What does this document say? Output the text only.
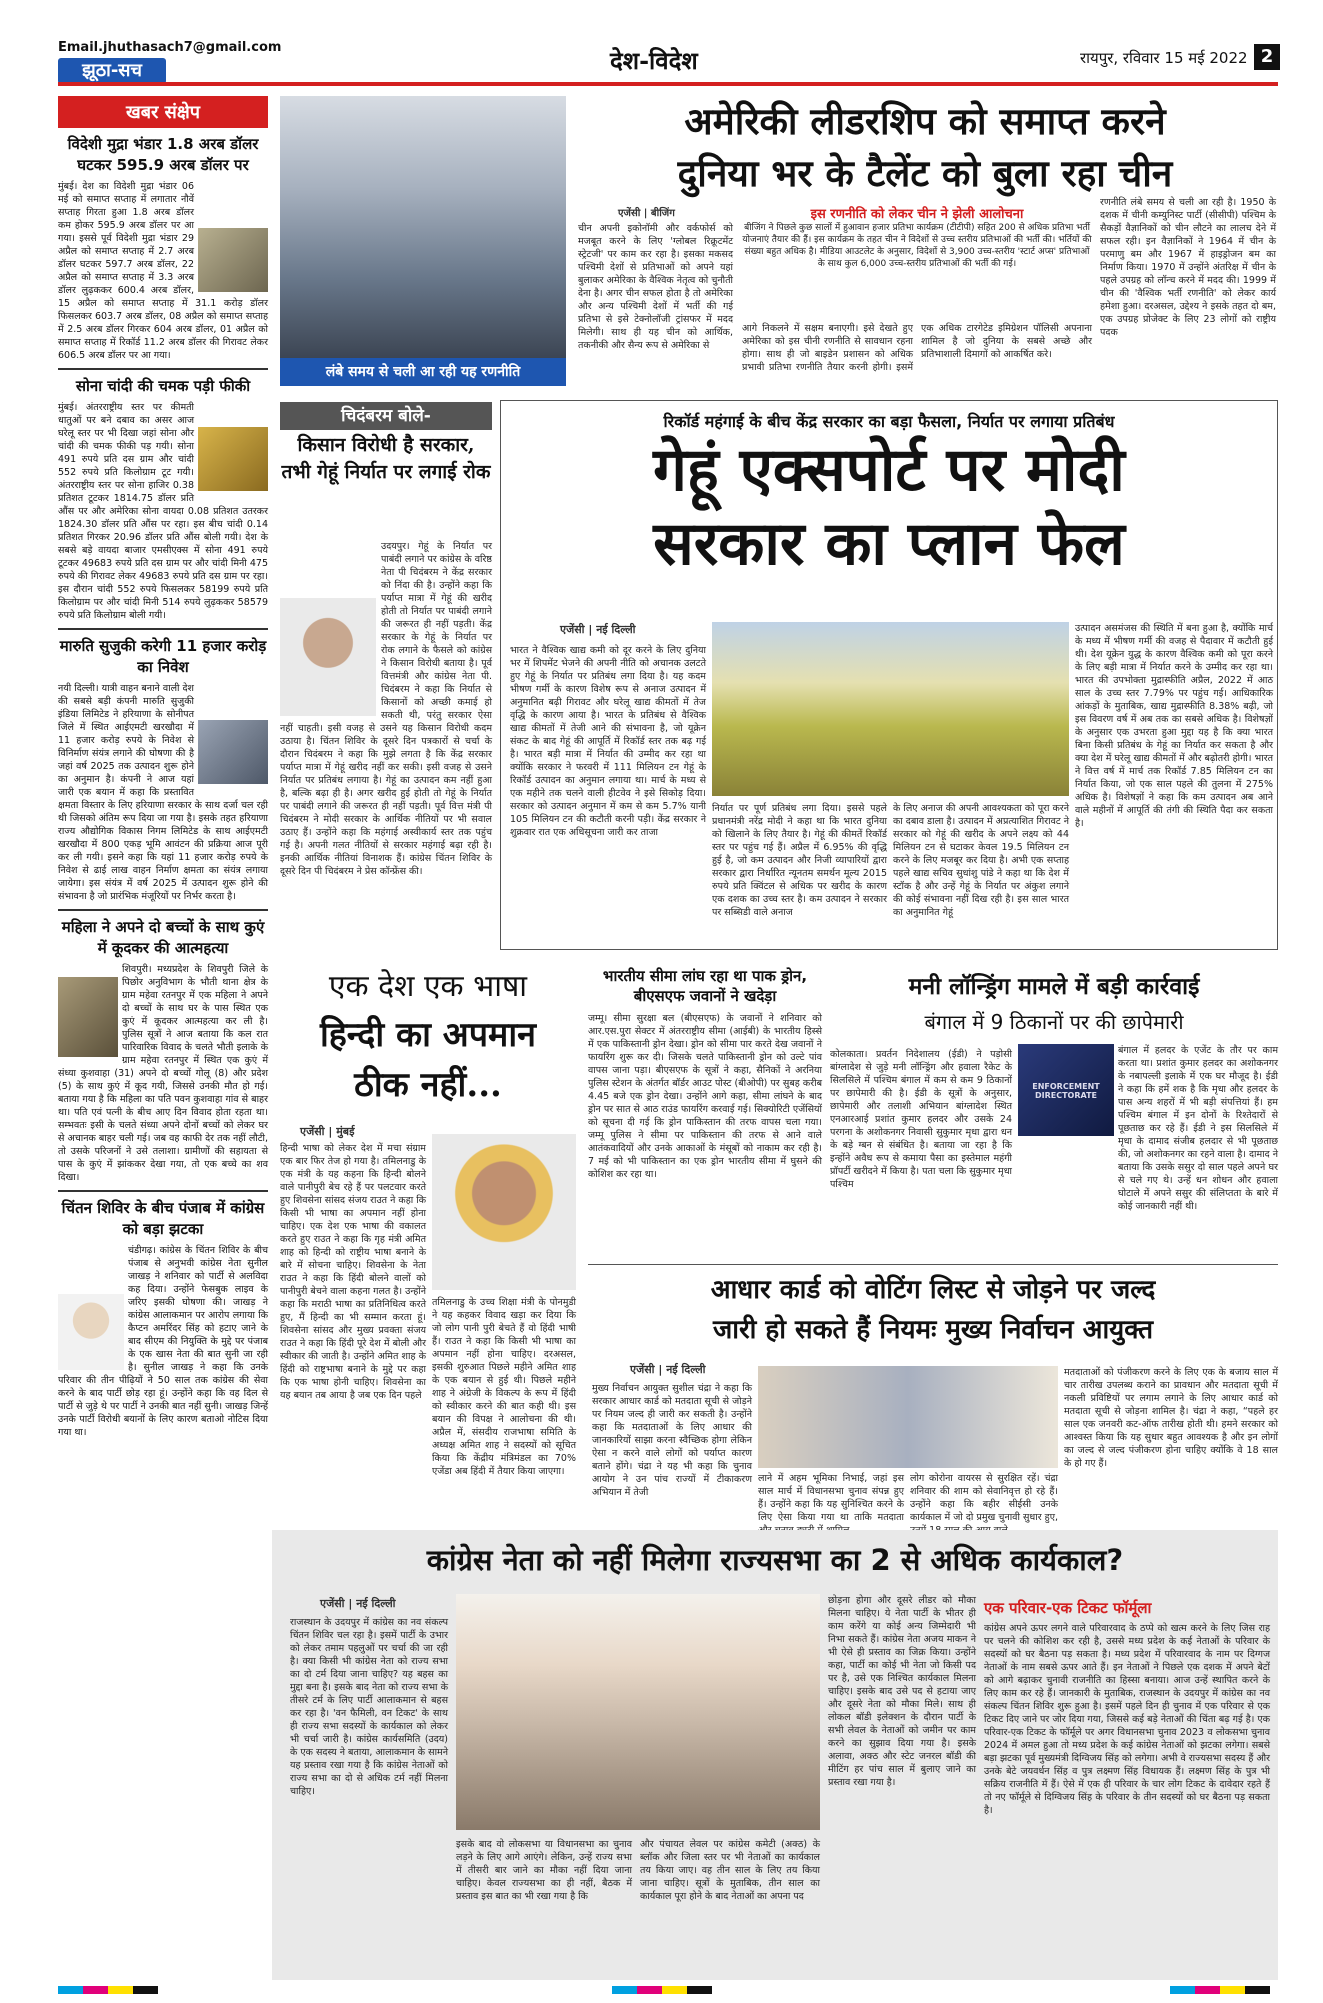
Email.jhuthasach7@gmail.com
झूठा-सच	देश-विदेश	रायपुर, रविवार 15 मई 2022 2
खबर संक्षेप
विदेशी मुद्रा भंडार 1.8 अरब डॉलर घटकर 595.9 अरब डॉलर पर

मुंबई। देश का विदेशी मुद्रा भंडार 06 मई को समाप्त सप्ताह में लगातार नौवें सप्ताह गिरता हुआ 1.8 अरब डॉलर कम होकर 595.9 अरब डॉलर पर आ गया। इससे पूर्व विदेशी मुद्रा भंडार 29 अप्रैल को समाप्त सप्ताह में 2.7 अरब डॉलर घटकर 597.7 अरब डॉलर, 22 अप्रैल को समाप्त सप्ताह में 3.3 अरब डॉलर लुढ़ककर 600.4 अरब डॉलर, 15 अप्रैल को समाप्त सप्ताह में 31.1 करोड़ डॉलर फिसलकर 603.7 अरब डॉलर, 08 अप्रैल को समाप्त सप्ताह में 2.5 अरब डॉलर गिरकर 604 अरब डॉलर, 01 अप्रैल को समाप्त सप्ताह में रिकॉर्ड 11.2 अरब डॉलर की गिरावट लेकर 606.5 अरब डॉलर पर आ गया।

सोना चांदी की चमक पड़ी फीकी

मुंबई। अंतरराष्ट्रीय स्तर पर कीमती धातुओं पर बने दबाव का असर आज घरेलू स्तर पर भी दिखा जहां सोना और चांदी की चमक फीकी पड़ गयी। सोना 491 रुपये प्रति दस ग्राम और चांदी 552 रुपये प्रति किलोग्राम टूट गयी। अंतरराष्ट्रीय स्तर पर सोना हाजिर 0.38 प्रतिशत टूटकर 1814.75 डॉलर प्रति औंस पर और अमेरिका सोना वायदा 0.08 प्रतिशत उतरकर 1824.30 डॉलर प्रति औंस पर रहा। इस बीच चांदी 0.14 प्रतिशत गिरकर 20.96 डॉलर प्रति औंस बोली गयी। देश के सबसे बड़े वायदा बाजार एमसीएक्स में सोना 491 रुपये टूटकर 49683 रुपये प्रति दस ग्राम पर और चांदी मिनी 475 रुपये की गिरावट लेकर 49683 रुपये प्रति दस ग्राम पर रहा। इस दौरान चांदी 552 रुपये फिसलकर 58199 रुपये प्रति किलोग्राम पर और चांदी मिनी 514 रुपये लुढ़ककर 58579 रुपये प्रति किलोग्राम बोली गयी।

मारुति सुजुकी करेगी 11 हजार करोड़ का निवेश

नयी दिल्ली। यात्री वाहन बनाने वाली देश की सबसे बड़ी कंपनी मारुति सुजुकी इंडिया लिमिटेड ने हरियाणा के सोनीपत जिले में स्थित आईएमटी खरखौदा में 11 हजार करोड़ रुपये के निवेश से विनिर्माण संयंत्र लगाने की घोषणा की है जहां वर्ष 2025 तक उत्पादन शुरू होने का अनुमान है। कंपनी ने आज यहां जारी एक बयान में कहा कि प्रस्तावित क्षमता विस्तार के लिए हरियाणा सरकार के साथ दर्जा चल रही थी जिसको अंतिम रूप दिया जा गया है। इसके तहत हरियाणा राज्य औद्योगिक विकास निगम लिमिटेड के साथ आईएमटी खरखौदा में 800 एकड़ भूमि आवंटन की प्रक्रिया आज पूरी कर ली गयी। इसने कहा कि यहां 11 हजार करोड़ रुपये के निवेश से ढाई लाख वाहन निर्माण क्षमता का संयंत्र लगाया जायेगा। इस संयंत्र में वर्ष 2025 में उत्पादन शुरू होने की संभावना है जो प्रारंभिक मंजूरियों पर निर्भर करता है।

महिला ने अपने दो बच्चों के साथ कुएं में कूदकर की आत्महत्या

शिवपुरी। मध्यप्रदेश के शिवपुरी जिले के पिछोर अनुविभाग के भौती थाना क्षेत्र के ग्राम महेवा रतनपुर में एक महिला ने अपने दो बच्चों के साथ घर के पास स्थित एक कुएं में कूदकर आत्महत्या कर ली है। पुलिस सूत्रों ने आज बताया कि कल रात पारिवारिक विवाद के चलते भौती इलाके के ग्राम महेवा रतनपुर में स्थित एक कुएं में संध्या कुशवाहा (31) अपने दो बच्चों गोलू (8) और प्रदेश (5) के साथ कुएं में कूद गयी, जिससे उनकी मौत हो गई। बताया गया है कि महिला का पति पवन कुशवाहा गांव से बाहर था। पति एवं पत्नी के बीच आए दिन विवाद होता रहता था। सम्भवतः इसी के चलते संध्या अपने दोनों बच्चों को लेकर घर से अचानक बाहर चली गई। जब वह काफी देर तक नहीं लौटी, तो उसके परिजनों ने उसे तलाशा। ग्रामीणों की सहायता से पास के कुएं में झांककर देखा गया, तो एक बच्चे का शव दिखा।

चिंतन शिविर के बीच पंजाब में कांग्रेस को बड़ा झटका

चंडीगढ़। कांग्रेस के चिंतन शिविर के बीच पंजाब से अनुभवी कांग्रेस नेता सुनील जाखड़ ने शनिवार को पार्टी से अलविदा कह दिया। उन्होंने फेसबुक लाइव के जरिए इसकी घोषणा की। जाखड़ ने कांग्रेस आलाकमान पर आरोप लगाया कि कैप्टन अमरिंदर सिंह को हटाए जाने के बाद सीएम की नियुक्ति के मुद्दे पर पंजाब के एक खास नेता की बात सुनी जा रही है। सुनील जाखड़ ने कहा कि उनके परिवार की तीन पीढ़ियों ने 50 साल तक कांग्रेस की सेवा करने के बाद पार्टी छोड़ रहा हूं। उन्होंने कहा कि वह दिल से पार्टी से जुड़े थे पर पार्टी ने उनकी बात नहीं सुनी। जाखड़ जिन्हें उनके पार्टी विरोधी बयानों के लिए कारण बताओ नोटिस दिया गया था।

लंबे समय से चली आ रही यह रणनीति
अमेरिकी लीडरशिप को समाप्त करने
दुनिया भर के टैलेंट को बुला रहा चीन
एजेंसी | बीजिंग
चीन अपनी इकोनॉमी और वर्कफोर्स को मजबूत करने के लिए 'ग्लोबल रिक्रूटमेंट स्ट्रेटजी' पर काम कर रहा है। इसका मकसद पश्चिमी देशों से प्रतिभाओं को अपने यहां बुलाकर अमेरिका के वैश्विक नेतृत्व को चुनौती देना है। अगर चीन सफल होता है तो अमेरिका और अन्य पश्चिमी देशों में भर्ती की गई प्रतिभा से इसे टेक्नोलॉजी ट्रांसफर में मदद मिलेगी। साथ ही यह चीन को आर्थिक, तकनीकी और सैन्य रूप से अमेरिका से
इस रणनीति को लेकर चीन ने झेली आलोचना
बीजिंग ने पिछले कुछ सालों में हुआवान हजार प्रतिभा कार्यक्रम (टीटीपी) सहित 200 से अधिक प्रतिभा भर्ती योजनाएं तैयार की हैं। इस कार्यक्रम के तहत चीन ने विदेशों से उच्च स्तरीय प्रतिभाओं की भर्ती की। भर्तियों की संख्या बहुत अधिक है। मीडिया आउटलेट के अनुसार, विदेशों से 3,900 उच्च-स्तरीय 'स्टार्ट अप्स' प्रतिभाओं के साथ कुल 6,000 उच्च-स्तरीय प्रतिभाओं की भर्ती की गई।
आगे निकलने में सक्षम बनाएगी। इसे देखते हुए अमेरिका को इस चीनी रणनीति से सावधान रहना होगा। साथ ही जो बाइडेन प्रशासन को अधिक प्रभावी प्रतिभा रणनीति तैयार करनी होगी। इसमें एक अधिक टारगेटेड इमिग्रेशन पॉलिसी अपनाना शामिल है जो दुनिया के सबसे अच्छे और प्रतिभाशाली दिमागों को आकर्षित करे।
रणनीति लंबे समय से चली आ रही है। 1950 के दशक में चीनी कम्युनिस्ट पार्टी (सीसीपी) पश्चिम के सैकड़ों वैज्ञानिकों को चीन लौटने का लालच देने में सफल रही। इन वैज्ञानिकों ने 1964 में चीन के परमाणु बम और 1967 में हाइड्रोजन बम का निर्माण किया। 1970 में उन्होंने अंतरिक्ष में चीन के पहले उपग्रह को लॉन्च करने में मदद की। 1999 में चीन की 'वैश्विक भर्ती रणनीति' को लेकर कार्य हमेशा हुआ। दरअसल, उद्देश्य ने इसके तहत दो बम, एक उपग्रह प्रोजेक्ट के लिए 23 लोगों को राष्ट्रीय पदक
चिदंबरम बोले-
किसान विरोधी है सरकार, तभी गेहूं निर्यात पर लगाई रोक
उदयपुर। गेहूं के निर्यात पर पाबंदी लगाने पर कांग्रेस के वरिष्ठ नेता पी चिदंबरम ने केंद्र सरकार को निंदा की है। उन्होंने कहा कि पर्याप्त मात्रा में गेहूं की खरीद होती तो निर्यात पर पाबंदी लगाने की जरूरत ही नहीं पड़ती। केंद्र सरकार के गेहूं के निर्यात पर रोक लगाने के फैसले को कांग्रेस ने किसान विरोधी बताया है। पूर्व वित्तमंत्री और कांग्रेस नेता पी. चिदंबरम ने कहा कि निर्यात से किसानों को अच्छी कमाई हो सकती थी, परंतु सरकार ऐसा नहीं चाहती। इसी वजह से उसने यह किसान विरोधी कदम उठाया है। चिंतन शिविर के दूसरे दिन पत्रकारों से चर्चा के दौरान चिदंबरम ने कहा कि मुझे लगता है कि केंद्र सरकार पर्याप्त मात्रा में गेहूं खरीद नहीं कर सकी। इसी वजह से उसने निर्यात पर प्रतिबंध लगाया है। गेहूं का उत्पादन कम नहीं हुआ है, बल्कि बढ़ा ही है। अगर खरीद हुई होती तो गेहूं के निर्यात पर पाबंदी लगाने की जरूरत ही नहीं पड़ती। पूर्व वित्त मंत्री पी चिदंबरम ने मोदी सरकार के आर्थिक नीतियों पर भी सवाल उठाए हैं। उन्होंने कहा कि महंगाई अस्वीकार्य स्तर तक पहुंच गई है। अपनी गलत नीतियों से सरकार महंगाई बढ़ा रही है। इनकी आर्थिक नीतियां विनाशक हैं। कांग्रेस चिंतन शिविर के दूसरे दिन पी चिदंबरम ने प्रेस कॉन्फ्रेंस की।
रिकॉर्ड महंगाई के बीच केंद्र सरकार का बड़ा फैसला, निर्यात पर लगाया प्रतिबंध
गेहूं एक्सपोर्ट पर मोदी
सरकार का प्लान फेल
एजेंसी | नई दिल्ली
भारत ने वैश्विक खाद्य कमी को दूर करने के लिए दुनिया भर में शिपमेंट भेजने की अपनी नीति को अचानक उलटते हुए गेहूं के निर्यात पर प्रतिबंध लगा दिया है। यह कदम भीषण गर्मी के कारण विशेष रूप से अनाज उत्पादन में अनुमानित बढ़ी गिरावट और घरेलू खाद्य कीमतों में तेज वृद्धि के कारण आया है। भारत के प्रतिबंध से वैश्विक खाद्य कीमतों में तेजी आने की संभावना है, जो यूक्रेन संकट के बाद गेहूं की आपूर्ति में रिकॉर्ड स्तर तक बढ़ गई है। भारत बड़ी मात्रा में निर्यात की उम्मीद कर रहा था क्योंकि सरकार ने फरवरी में 111 मिलियन टन गेहूं के रिकॉर्ड उत्पादन का अनुमान लगाया था। मार्च के मध्य से एक महीने तक चलने वाली हीटवेव ने इसे सिकोड़ दिया। सरकार को उत्पादन अनुमान में कम से कम 5.7% यानी 105 मिलियन टन की कटौती करनी पड़ी। केंद्र सरकार ने शुक्रवार रात एक अधिसूचना जारी कर ताजा
निर्यात पर पूर्ण प्रतिबंध लगा दिया। इससे पहले प्रधानमंत्री नरेंद्र मोदी ने कहा था कि भारत दुनिया को खिलाने के लिए तैयार है। गेहूं की कीमतें रिकॉर्ड स्तर पर पहुंच गई हैं। अप्रैल में 6.95% की वृद्धि हुई है, जो कम उत्पादन और निजी व्यापारियों द्वारा सरकार द्वारा निर्धारित न्यूनतम समर्थन मूल्य 2015 रुपये प्रति क्विंटल से अधिक पर खरीद के कारण एक दशक का उच्च स्तर है। कम उत्पादन ने सरकार पर सब्सिडी वाले अनाज
के लिए अनाज की अपनी आवश्यकता को पूरा करने का दबाव डाला है। उत्पादन में अप्रत्याशित गिरावट ने सरकार को गेहूं की खरीद के अपने लक्ष्य को 44 मिलियन टन से घटाकर केवल 19.5 मिलियन टन करने के लिए मजबूर कर दिया है। अभी एक सप्ताह पहले खाद्य सचिव सुधांशु पांडे ने कहा था कि देश में स्टॉक है और उन्हें गेहूं के निर्यात पर अंकुश लगाने की कोई संभावना नहीं दिख रही है। इस साल भारत का अनुमानित गेहूं
उत्पादन असमंजस की स्थिति में बना हुआ है, क्योंकि मार्च के मध्य में भीषण गर्मी की वजह से पैदावार में कटौती हुई थी। देश यूक्रेन युद्ध के कारण वैश्विक कमी को पूरा करने के लिए बड़ी मात्रा में निर्यात करने के उम्मीद कर रहा था। भारत की उपभोक्ता मुद्रास्फीति अप्रैल, 2022 में आठ साल के उच्च स्तर 7.79% पर पहुंच गई। आधिकारिक आंकड़ों के मुताबिक, खाद्य मुद्रास्फीति 8.38% बढ़ी, जो इस विवरण वर्ष में अब तक का सबसे अधिक है। विशेषज्ञों के अनुसार एक उभरता हुआ मुद्दा यह है कि क्या भारत बिना किसी प्रतिबंध के गेहूं का निर्यात कर सकता है और क्या देश में घरेलू खाद्य कीमतों में और बढ़ोतरी होगी। भारत ने वित्त वर्ष में मार्च तक रिकॉर्ड 7.85 मिलियन टन का निर्यात किया, जो एक साल पहले की तुलना में 275% अधिक है। विशेषज्ञों ने कहा कि कम उत्पादन अब आने वाले महीनों में आपूर्ति की तंगी की स्थिति पैदा कर सकता है।
एक देश एक भाषा
हिन्दी का अपमान
ठीक नहीं...
एजेंसी | मुंबई
हिन्दी भाषा को लेकर देश में मचा संग्राम एक बार फिर तेज हो गया है। तमिलनाडु के एक मंत्री के यह कहना कि हिन्दी बोलने वाले पानीपुरी बेच रहे हैं पर पलटवार करते हुए शिवसेना सांसद संजय राउत ने कहा कि किसी भी भाषा का अपमान नहीं होना चाहिए। एक देश एक भाषा की वकालत करते हुए राउत ने कहा कि गृह मंत्री अमित शाह को हिन्दी को राष्ट्रीय भाषा बनाने के बारे में सोचना चाहिए। शिवसेना के नेता राउत ने कहा कि हिंदी बोलने वालों को पानीपुरी बेचने वाला कहना गलत है। उन्होंने कहा कि मराठी भाषा का प्रतिनिधित्व करते हुए, मैं हिन्दी का भी सम्मान करता हूं। शिवसेना सांसद और मुख्य प्रवक्ता संजय राउत ने कहा कि हिंदी पूरे देश में बोली और स्वीकार की जाती है। उन्होंने अमित शाह के हिंदी को राष्ट्रभाषा बनाने के मुद्दे पर कहा कि एक भाषा होनी चाहिए। शिवसेना का यह बयान तब आया है जब एक दिन पहले
तमिलनाडु के उच्च शिक्षा मंत्री के पोनमुडी ने यह कहकर विवाद खड़ा कर दिया कि जो लोग पानी पुरी बेचते हैं वो हिंदी भाषी हैं। राउत ने कहा कि किसी भी भाषा का अपमान नहीं होना चाहिए। दरअसल, इसकी शुरुआत पिछले महीने अमित शाह के एक बयान से हुई थी। पिछले महीने शाह ने अंग्रेजी के विकल्प के रूप में हिंदी को स्वीकार करने की बात कही थी। इस बयान की विपक्ष ने आलोचना की थी। अप्रैल में, संसदीय राजभाषा समिति के अध्यक्ष अमित शाह ने सदस्यों को सूचित किया कि केंद्रीय मंत्रिमंडल का 70% एजेंडा अब हिंदी में तैयार किया जाएगा।
भारतीय सीमा लांघ रहा था पाक ड्रोन, बीएसएफ जवानों ने खदेड़ा
जम्मू। सीमा सुरक्षा बल (बीएसएफ) के जवानों ने शनिवार को आर.एस.पुरा सेक्टर में अंतरराष्ट्रीय सीमा (आईबी) के भारतीय हिस्से में एक पाकिस्तानी ड्रोन देखा। ड्रोन को सीमा पार करते देख जवानों ने फायरिंग शुरू कर दी। जिसके चलते पाकिस्तानी ड्रोन को उल्टे पांव वापस जाना पड़ा। बीएसएफ के सूत्रों ने कहा, सैनिकों ने अरनिया पुलिस स्टेशन के अंतर्गत बॉर्डर आउट पोस्ट (बीओपी) पर सुबह करीब 4.45 बजे एक ड्रोन देखा। उन्होंने आगे कहा, सीमा लांघने के बाद ड्रोन पर सात से आठ राउंड फायरिंग करवाई गई। सिक्योरिटी एजेंसियों को सूचना दी गई कि ड्रोन पाकिस्तान की तरफ वापस चला गया। जम्मू पुलिस ने सीमा पर पाकिस्तान की तरफ से आने वाले आतंकवादियों और उनके आकाओं के मंसूबों को नाकाम कर रही है। 7 मई को भी पाकिस्तान का एक ड्रोन भारतीय सीमा में घुसने की कोशिश कर रहा था।
मनी लॉन्ड्रिंग मामले में बड़ी कार्रवाई
बंगाल में 9 ठिकानों पर की छापेमारी
कोलकाता। प्रवर्तन निदेशालय (ईडी) ने पड़ोसी बांग्लादेश से जुड़े मनी लॉन्ड्रिंग और हवाला रैकेट के सिलसिले में पश्चिम बंगाल में कम से कम 9 ठिकानों पर छापेमारी की है। ईडी के सूत्रों के अनुसार, छापेमारी और तलाशी अभियान बांग्लादेश स्थित एनआरआई प्रशांत कुमार हलदर और उसके 24 परगना के अशोकनगर निवासी सुकुमार मृधा द्वारा धन के बड़े ग्बन से संबंधित है। बताया जा रहा है कि इन्होंने अवैध रूप से कमाया पैसा का इस्तेमाल महंगी प्रॉपर्टी खरीदने में किया है। पता चला कि सुकुमार मृधा पश्चिम
ENFORCEMENT DIRECTORATE
बंगाल में हलदर के एजेंट के तौर पर काम करता था। प्रशांत कुमार हलदर का अशोकनगर के नबापल्ली इलाके में एक घर मौजूद है। ईडी ने कहा कि हमें शक है कि मृधा और हलदर के पास अन्य शहरों में भी बड़ी संपत्तियां हैं। हम पश्चिम बंगाल में इन दोनों के रिश्तेदारों से पूछताछ कर रहे हैं। ईडी ने इस सिलसिले में मृधा के दामाद संजीब हलदार से भी पूछताछ की, जो अशोकनगर का रहने वाला है। दामाद ने बताया कि उसके ससुर दो साल पहले अपने घर से चले गए थे। उन्हें धन शोधन और हवाला घोटाले में अपने ससुर की संलिप्तता के बारे में कोई जानकारी नहीं थी।
आधार कार्ड को वोटिंग लिस्ट से जोड़ने पर जल्द
जारी हो सकते हैं नियमः मुख्य निर्वाचन आयुक्त
एजेंसी | नई दिल्ली
मुख्य निर्वाचन आयुक्त सुशील चंद्रा ने कहा कि सरकार आधार कार्ड को मतदाता सूची से जोड़ने पर नियम जल्द ही जारी कर सकती है। उन्होंने कहा कि मतदाताओं के लिए आधार की जानकारियों साझा करना स्वैच्छिक होगा लेकिन ऐसा न करने वाले लोगों को पर्याप्त कारण बताने होंगे। चंद्रा ने यह भी कहा कि चुनाव आयोग ने उन पांच राज्यों में टीकाकरण अभियान में तेजी
लाने में अहम भूमिका निभाई, जहां इस साल मार्च में विधानसभा चुनाव संपन्न हुए हैं। उन्होंने कहा कि यह सुनिश्चित करने के लिए ऐसा किया गया था ताकि मतदाता
लोग कोरोना वायरस से सुरक्षित रहें। चंद्रा शनिवार की शाम को सेवानिवृत्त हो रहे हैं। उन्होंने कहा कि बहीर सीईसी उनके कार्यकाल में जो दो प्रमुख चुनावी सुधार हुए,
मतदाताओं को पंजीकरण करने के लिए एक के बजाय साल में चार तारीख उपलब्ध कराने का प्रावधान और मतदाता सूची में नकली प्रविष्टियों पर लगाम लगाने के लिए आधार कार्ड को मतदाता सूची से जोड़ना शामिल है। चंद्रा ने कहा, “पहले हर साल एक जनवरी कट-ऑफ तारीख होती थी। हमने सरकार को आश्वस्त किया कि यह सुधार बहुत आवश्यक है और इन लोगों का जल्द से जल्द पंजीकरण होना चाहिए क्योंकि वे 18 साल के हो गए हैं।
कांग्रेस नेता को नहीं मिलेगा राज्यसभा का 2 से अधिक कार्यकाल?
एजेंसी | नई दिल्ली
राजस्थान के उदयपुर में कांग्रेस का नव संकल्प चिंतन शिविर चल रहा है। इसमें पार्टी के उभार को लेकर तमाम पहलुओं पर चर्चा की जा रही है। क्या किसी भी कांग्रेस नेता को राज्य सभा का दो टर्म दिया जाना चाहिए? यह बहस का मुद्दा बना है। इसके बाद नेता को राज्य सभा के तीसरे टर्म के लिए पार्टी आलाकमान से बहस कर रहा है। 'वन फैमिली, वन टिकट' के साथ ही राज्य सभा सदस्यों के कार्यकाल को लेकर भी चर्चा जारी है। कांग्रेस कार्यसमिति (उदय) के एक सदस्य ने बताया, आलाकमान के सामने यह प्रस्ताव रखा गया है कि कांग्रेस नेताओं को राज्य सभा का दो से अधिक टर्म नहीं मिलना चाहिए।
इसके बाद वो लोकसभा या विधानसभा का चुनाव लड़ने के लिए आगे आएंगे। लेकिन, उन्हें राज्य सभा में तीसरी बार जाने का मौका नहीं दिया जाना चाहिए। केवल राज्यसभा का ही नहीं, बैठक में प्रस्ताव इस बात का भी रखा गया है कि
और पंचायत लेवल पर कांग्रेस कमेटी (अक्ठ) के ब्लॉक और जिला स्तर पर भी नेताओं का कार्यकाल तय किया जाए। वह तीन साल के लिए तय किया जाना चाहिए। सूत्रों के मुताबिक, तीन साल का कार्यकाल पूरा होने के बाद नेताओं का अपना पद
छोड़ना होगा और दूसरे लीडर को मौका मिलना चाहिए। ये नेता पार्टी के भीतर ही काम करेंगे या कोई अन्य जिम्मेदारी भी निभा सकते हैं। कांग्रेस नेता अजय माकन ने भी ऐसे ही प्रस्ताव का जिक्र किया। उन्होंने कहा, पार्टी का कोई भी नेता जो किसी पद पर है, उसे एक निश्चित कार्यकाल मिलना चाहिए। इसके बाद उसे पद से हटाया जाए और दूसरे नेता को मौका मिले। साथ ही लोकल बॉडी इलेक्शन के दौरान पार्टी के सभी लेवल के नेताओं को जमीन पर काम करने का सुझाव दिया गया है। इसके अलावा, अक्ठ और स्टेट जनरल बॉडी की मीटिंग हर पांच साल में बुलाए जाने का प्रस्ताव रखा गया है।
एक परिवार-एक टिकट फॉर्मूला
कांग्रेस अपने ऊपर लगने वाले परिवारवाद के ठप्पे को खत्म करने के लिए जिस राह पर चलने की कोशिश कर रही है, उससे मध्य प्रदेश के कई नेताओं के परिवार के सदस्यों को घर बैठना पड़ सकता है। मध्य प्रदेश में परिवारवाद के नाम पर दिग्गज नेताओं के नाम सबसे ऊपर आते हैं। इन नेताओं ने पिछले एक दशक में अपने बेटों को आगे बढ़ाकर चुनावी राजनीति का हिस्सा बनाया। आज उन्हें स्थापित करने के लिए काम कर रहे हैं। जानकारी के मुताबिक, राजस्थान के उदयपुर में कांग्रेस का नव संकल्प चिंतन शिविर शुरू हुआ है। इसमें पहले दिन ही चुनाव में एक परिवार से एक टिकट दिए जाने पर जोर दिया गया, जिससे कई बड़े नेताओं की चिंता बढ़ गई है। एक परिवार-एक टिकट के फॉर्मूले पर अगर विधानसभा चुनाव 2023 व लोकसभा चुनाव 2024 में अमल हुआ तो मध्य प्रदेश के कई कांग्रेस नेताओं को झटका लगेगा। सबसे बड़ा झटका पूर्व मुख्यमंत्री दिग्विजय सिंह को लगेगा। अभी वे राज्यसभा सदस्य हैं और उनके बेटे जयवर्धन सिंह व पुत्र लक्ष्मण सिंह विधायक हैं। लक्ष्मण सिंह के पुत्र भी सक्रिय राजनीति में हैं। ऐसे में एक ही परिवार के चार लोग टिकट के दावेदार रहते हैं तो नए फॉर्मूले से दिग्विजय सिंह के परिवार के तीन सदस्यों को घर बैठना पड़ सकता है।
